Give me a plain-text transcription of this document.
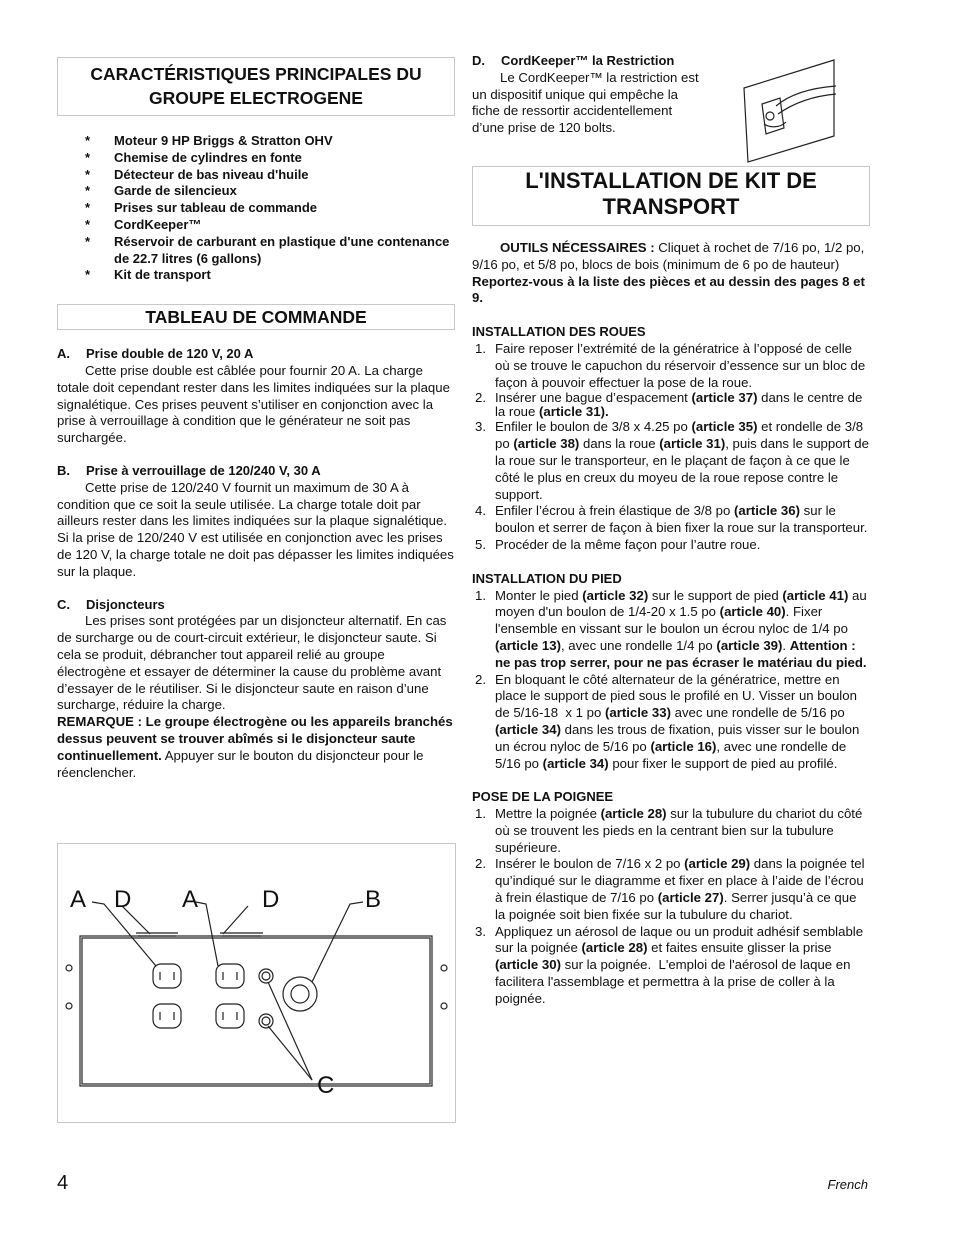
CARACTÉRISTIQUES PRINCIPALES DU GROUPE ELECTROGENE
* Moteur 9 HP Briggs & Stratton OHV
* Chemise de cylindres en fonte
* Détecteur de bas niveau d'huile
* Garde de silencieux
* Prises sur tableau de commande
* CordKeeper™
* Réservoir de carburant en plastique d'une contenance de 22.7 litres (6 gallons)
* Kit de transport
TABLEAU DE COMMANDE
A. Prise double de 120 V, 20 A

Cette prise double est câblée pour fournir 20 A. La charge totale doit cependant rester dans les limites indiquées sur la plaque signalétique. Ces prises peuvent s’utiliser en conjonction avec la prise à verrouillage à condition que le générateur ne soit pas surchargée.

B. Prise à verrouillage de 120/240 V, 30 A

Cette prise de 120/240 V fournit un maximum de 30 A à condition que ce soit la seule utilisée. La charge totale doit par ailleurs rester dans les limites indiquées sur la plaque signalétique. Si la prise de 120/240 V est utilisée en conjonction avec les prises de 120 V, la charge totale ne doit pas dépasser les limites indiquées sur la plaque.

C. Disjoncteurs

Les prises sont protégées par un disjoncteur alternatif. En cas de surcharge ou de court-circuit extérieur, le disjoncteur saute. Si cela se produit, débrancher tout appareil relié au groupe électrogène et essayer de déterminer la cause du problème avant d’essayer de le réutiliser. Si le disjoncteur saute en raison d’une surcharge, réduire la charge.

REMARQUE : Le groupe électrogène ou les appareils branchés dessus peuvent se trouver abîmés si le disjoncteur saute continuellement. Appuyer sur le bouton du disjoncteur pour le réenclencher.

A D A	D	B
C
D. CordKeeper™ la Restriction

Le CordKeeper™ la restriction est un dispositif unique qui empêche la fiche de ressortir accidentellement d’une prise de 120 bolts.

L'INSTALLATION DE KIT DE TRANSPORT

OUTILS NÉCESSAIRES : Cliquet à rochet de 7/16 po, 1/2 po, 9/16 po, et 5/8 po, blocs de bois (minimum de 6 po de hauteur)

Reportez-vous à la liste des pièces et au dessin des pages 8 et 9.

INSTALLATION DES ROUES
1. Faire reposer l’extrémité de la génératrice à l’opposé de celle où se trouve le capuchon du réservoir d’essence sur un bloc de façon à pouvoir effectuer la pose de la roue.
2. Insérer une bague d’espacement (article 37) dans le centre de la roue (article 31).
3. Enfiler le boulon de 3/8 x 4.25 po (article 35) et rondelle de 3/8 po (article 38) dans la roue (article 31), puis dans le support de la roue sur le transporteur, en le plaçant de façon à ce que le côté le plus en creux du moyeu de la roue repose contre le support.
4. Enfiler l’écrou à frein élastique de 3/8 po (article 36) sur le boulon et serrer de façon à bien fixer la roue sur la transporteur.
5. Procéder de la même façon pour l’autre roue.
INSTALLATION DU PIED
1. Monter le pied (article 32) sur le support de pied (article 41) au moyen d'un boulon de 1/4-20 x 1.5 po (article 40). Fixer l'ensemble en vissant sur le boulon un écrou nyloc de 1/4 po (article 13), avec une rondelle 1/4 po (article 39). Attention : ne pas trop serrer, pour ne pas écraser le matériau du pied.
2. En bloquant le côté alternateur de la génératrice, mettre en place le support de pied sous le profilé en U. Visser un boulon de 5/16-18  x 1 po (article 33) avec une rondelle de 5/16 po (article 34) dans les trous de fixation, puis visser sur le boulon un écrou nyloc de 5/16 po (article 16), avec une rondelle de 5/16 po (article 34) pour fixer le support de pied au profilé.
POSE DE LA POIGNEE
1. Mettre la poignée (article 28) sur la tubulure du chariot du côté où se trouvent les pieds en la centrant bien sur la tubulure supérieure.
2. Insérer le boulon de 7/16 x 2 po (article 29) dans la poignée tel qu’indiqué sur le diagramme et fixer en place à l’aide de l’écrou à frein élastique de 7/16 po (article 27). Serrer jusqu’à ce que la poignée soit bien fixée sur la tubulure du chariot.
3. Appliquez un aérosol de laque ou un produit adhésif semblable sur la poignée (article 28) et faites ensuite glisser la prise (article 30) sur la poignée.  L'emploi de l'aérosol de laque en facilitera l'assemblage et permettra à la prise de coller à la poignée.
4	French
